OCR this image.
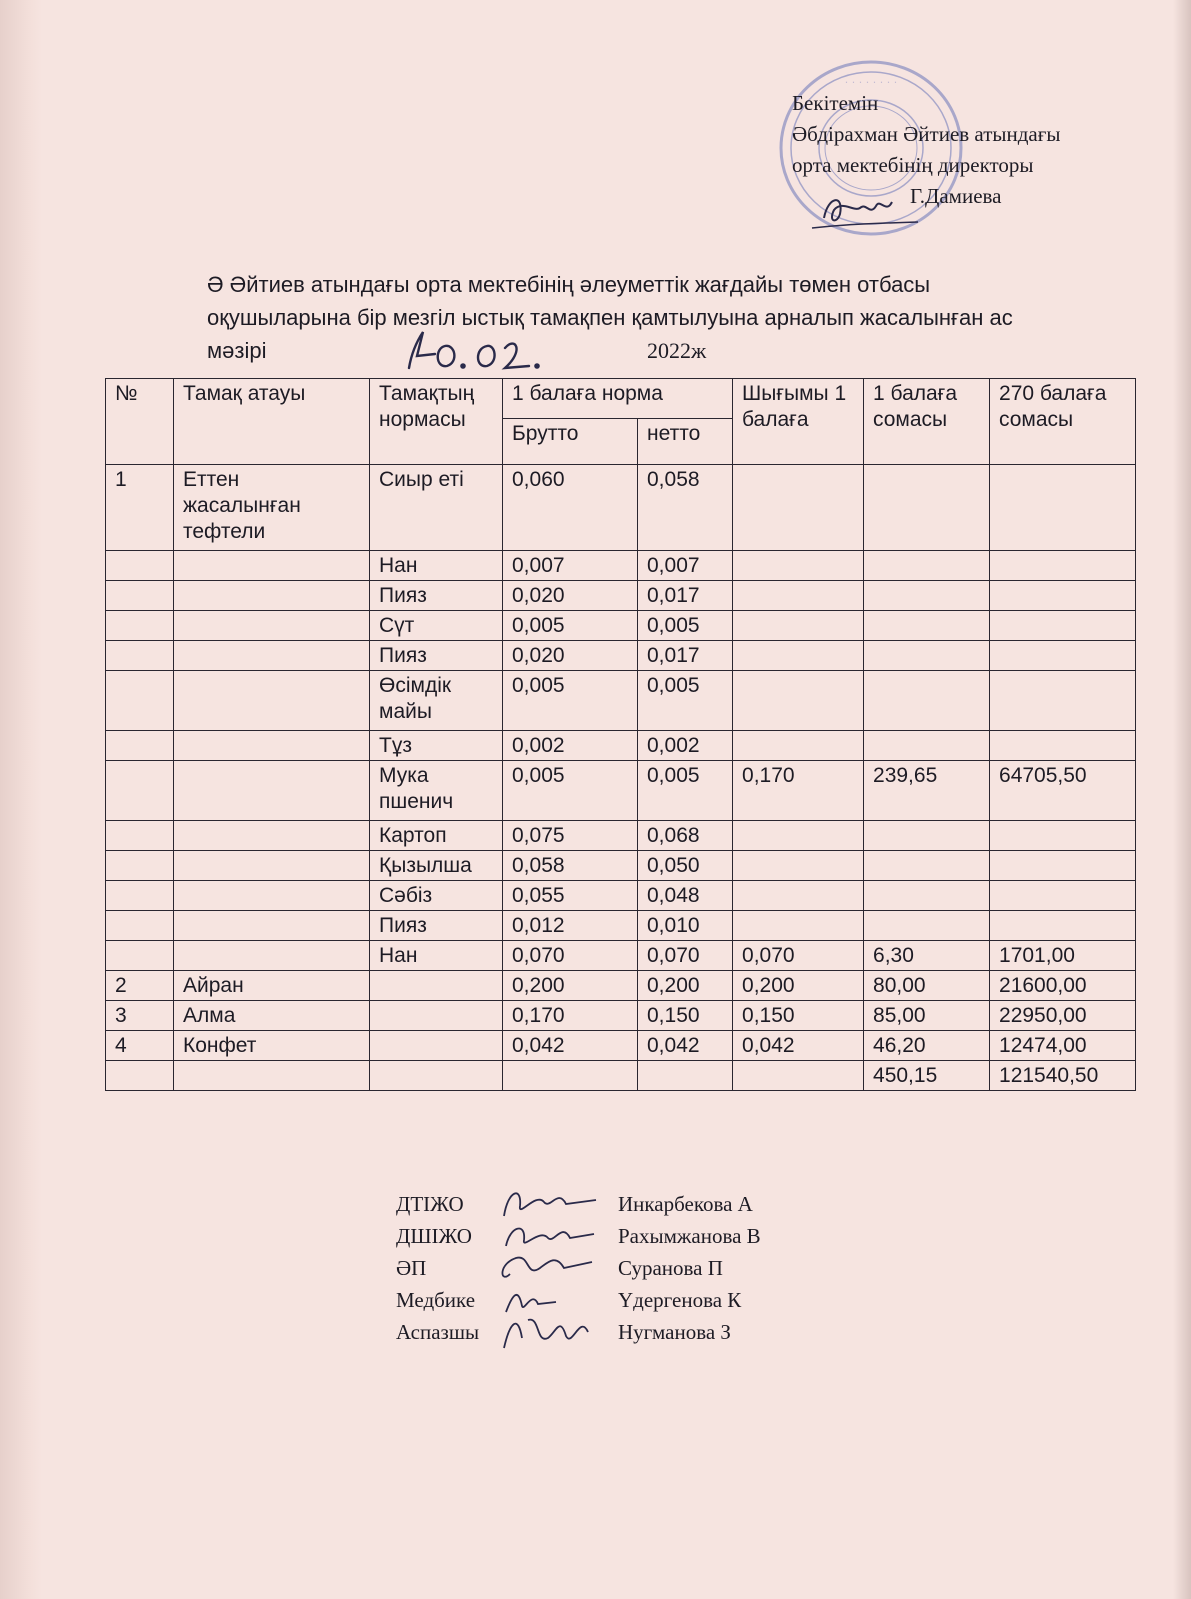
· · · · · · · ·
Бекітемін
Әбдірахман Әйтиев атындағы
орта мектебінің директоры
Г.Дамиева
Ә Әйтиев атындағы орта мектебінің әлеуметтік жағдайы төмен отбасы
оқушыларына бір мезгіл ыстық тамақпен қамтылуына арналып жасалынған ас
мәзірі	2022ж
№	Тамақ атауы	Тамақтың нормасы	1 балаға норма		Шығымы 1 балаға	1 балаға сомасы	270 балаға сомасы
			Брутто	нетто			
1	Еттен жасалынған тефтели	Сиыр еті	0,060	0,058			
		Нан	0,007	0,007			
		Пияз	0,020	0,017			
		Сүт	0,005	0,005			
		Пияз	0,020	0,017			
		Өсімдік майы	0,005	0,005			
		Тұз	0,002	0,002			
		Мука пшенич	0,005	0,005	0,170	239,65	64705,50
		Картоп	0,075	0,068			
		Қызылша	0,058	0,050			
		Сәбіз	0,055	0,048			
		Пияз	0,012	0,010			
		Нан	0,070	0,070	0,070	6,30	1701,00
2	Айран		0,200	0,200	0,200	80,00	21600,00
3	Алма		0,170	0,150	0,150	85,00	22950,00
4	Конфет		0,042	0,042	0,042	46,20	12474,00
						450,15	121540,50
ДТІЖО	Инкарбекова А
ДШІЖО	Рахымжанова В
ӘП	Суранова П
Медбике	Үдергенова К
Аспазшы	Нугманова З
